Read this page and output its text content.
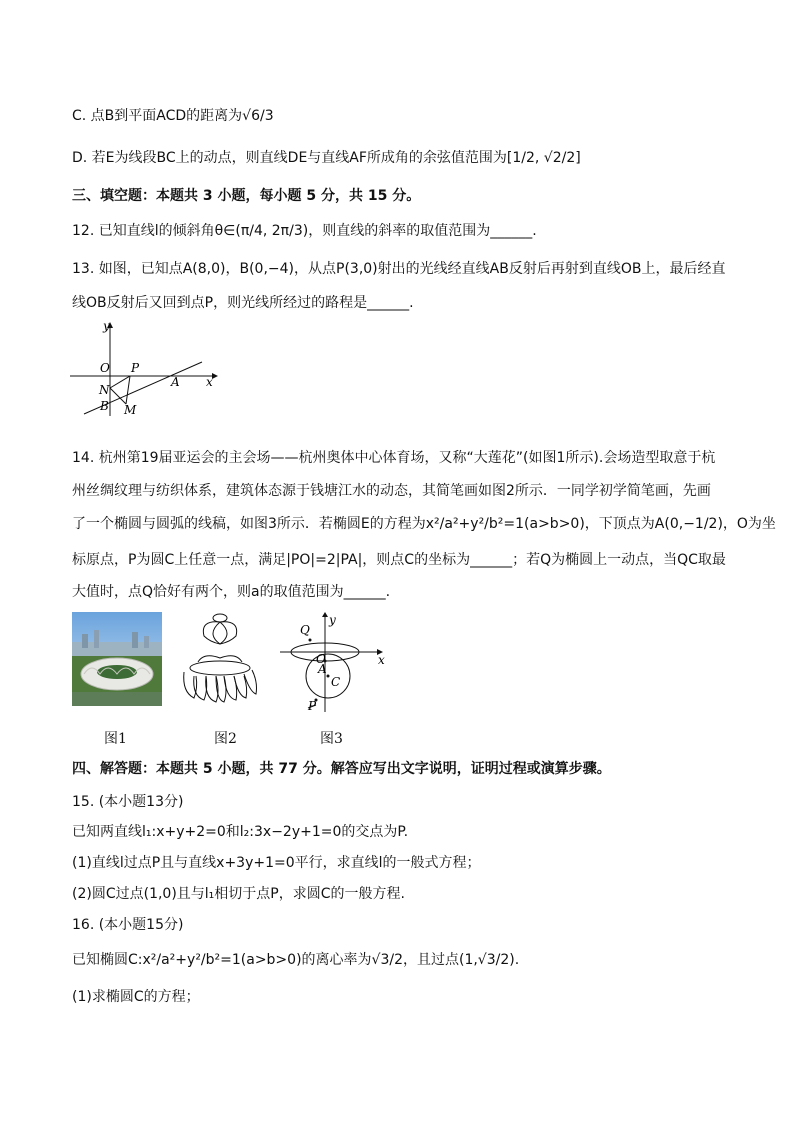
C. 点B到平面ACD的距离为√6/3
D. 若E为线段BC上的动点，则直线DE与直线AF所成角的余弦值范围为[1/2, √2/2]
三、填空题：本题共 3 小题，每小题 5 分，共 15 分。
12. 已知直线l的倾斜角θ∈(π/4, 2π/3)，则直线的斜率的取值范围为______.
13. 如图，已知点A(8,0)，B(0,−4)，从点P(3,0)射出的光线经直线AB反射后再射到直线OB上，最后经直
线OB反射后又回到点P，则光线所经过的路程是______.
y
x
O P
A
N
B M
14. 杭州第19届亚运会的主会场——杭州奥体中心体育场，又称“大莲花”(如图1所示).会场造型取意于杭
州丝绸纹理与纺织体系，建筑体态源于钱塘江水的动态，其简笔画如图2所示．一同学初学简笔画，先画
了一个椭圆与圆弧的线稿，如图3所示．若椭圆E的方程为x²/a²+y²/b²=1(a>b>0)，下顶点为A(0,−1/2)，O为坐
标原点，P为圆C上任意一点，满足|PO|=2|PA|，则点C的坐标为______；若Q为椭圆上一动点，当QC取最
大值时，点Q恰好有两个，则a的取值范围为______.
y
x
O
Q
A
C
P
图1	图2	图3
四、解答题：本题共 5 小题，共 77 分。解答应写出文字说明，证明过程或演算步骤。
15. (本小题13分)
已知两直线l₁:x+y+2=0和l₂:3x−2y+1=0的交点为P.
(1)直线l过点P且与直线x+3y+1=0平行，求直线l的一般式方程；
(2)圆C过点(1,0)且与l₁相切于点P，求圆C的一般方程.
16. (本小题15分)
已知椭圆C:x²/a²+y²/b²=1(a>b>0)的离心率为√3/2，且过点(1,√3/2).
(1)求椭圆C的方程；
